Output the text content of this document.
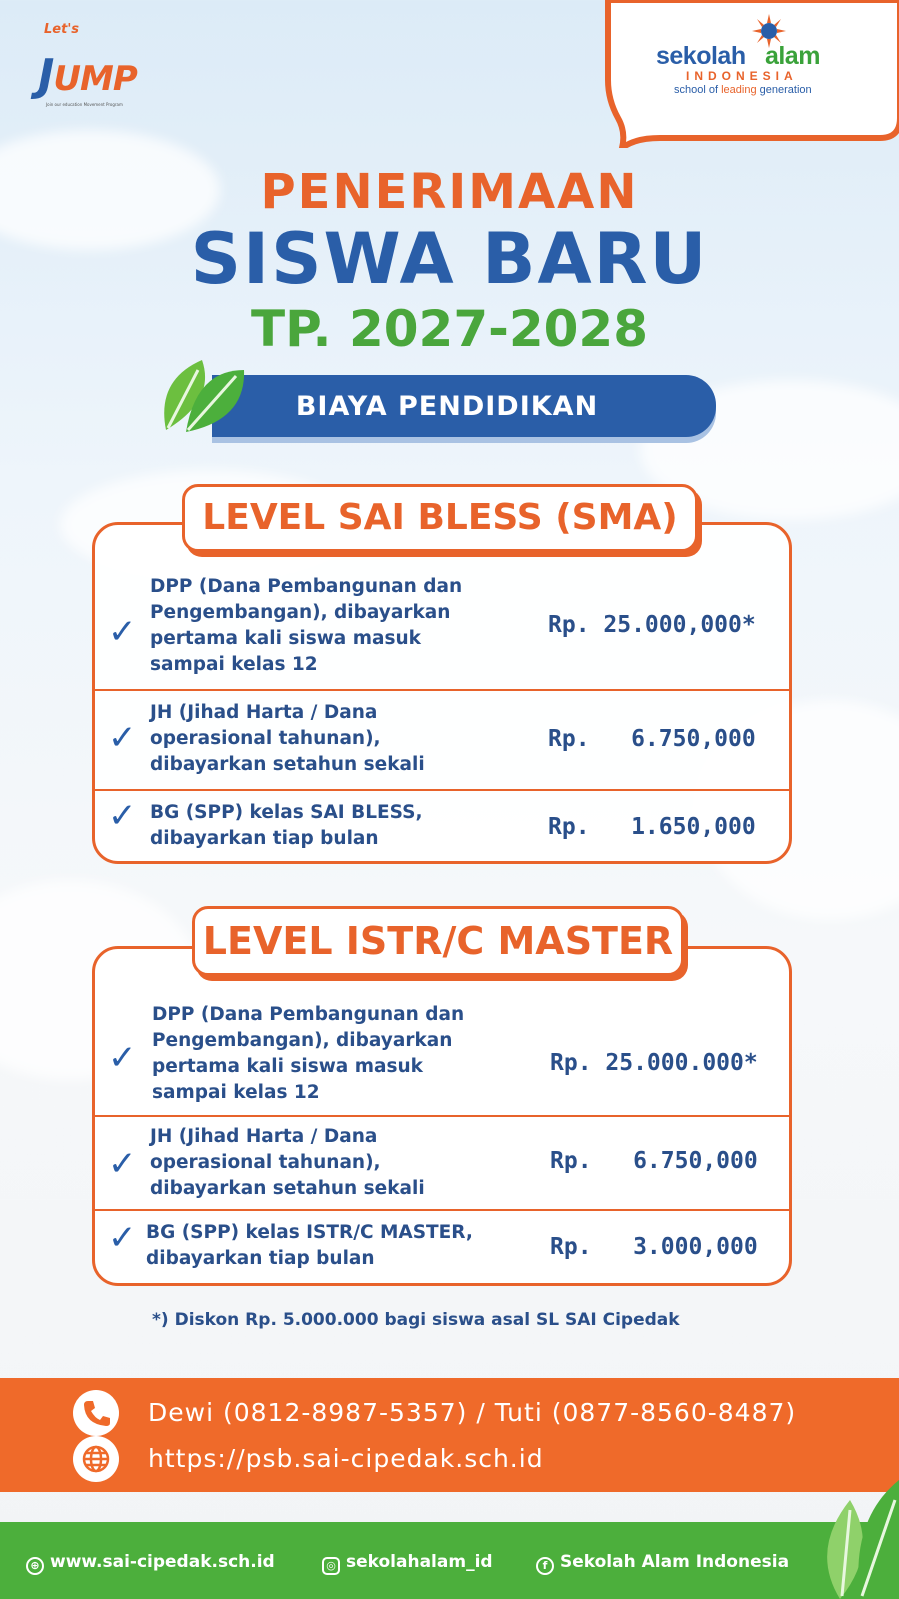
Let's
JUMP
Join our education Movement Program
sekolah alam
INDONESIA
school of leading generation
PENERIMAAN
SISWA BARU
TP. 2027-2028
BIAYA PENDIDIKAN
LEVEL SAI BLESS (SMA)
✓
DPP (Dana Pembangunan dan
Pengembangan), dibayarkan
pertama kali siswa masuk
sampai kelas 12
Rp. 25.000,000*
✓
JH (Jihad Harta / Dana
operasional tahunan),
dibayarkan setahun sekali
Rp.   6.750,000
✓ BG (SPP) kelas SAI BLESS,
dibayarkan tiap bulan	Rp.   1.650,000
LEVEL ISTR/C MASTER
✓
DPP (Dana Pembangunan dan
Pengembangan), dibayarkan
pertama kali siswa masuk
sampai kelas 12
Rp. 25.000.000*
✓
JH (Jihad Harta / Dana
operasional tahunan),
dibayarkan setahun sekali
Rp.   6.750,000
✓ BG (SPP) kelas ISTR/C MASTER,
dibayarkan tiap bulan	Rp.   3.000,000
*) Diskon Rp. 5.000.000 bagi siswa asal SL SAI Cipedak
Dewi (0812-8987-5357) / Tuti (0877-8560-8487)
https://psb.sai-cipedak.sch.id
⊕ www.sai-cipedak.sch.id	◎ sekolahalam_id	f Sekolah Alam Indonesia
